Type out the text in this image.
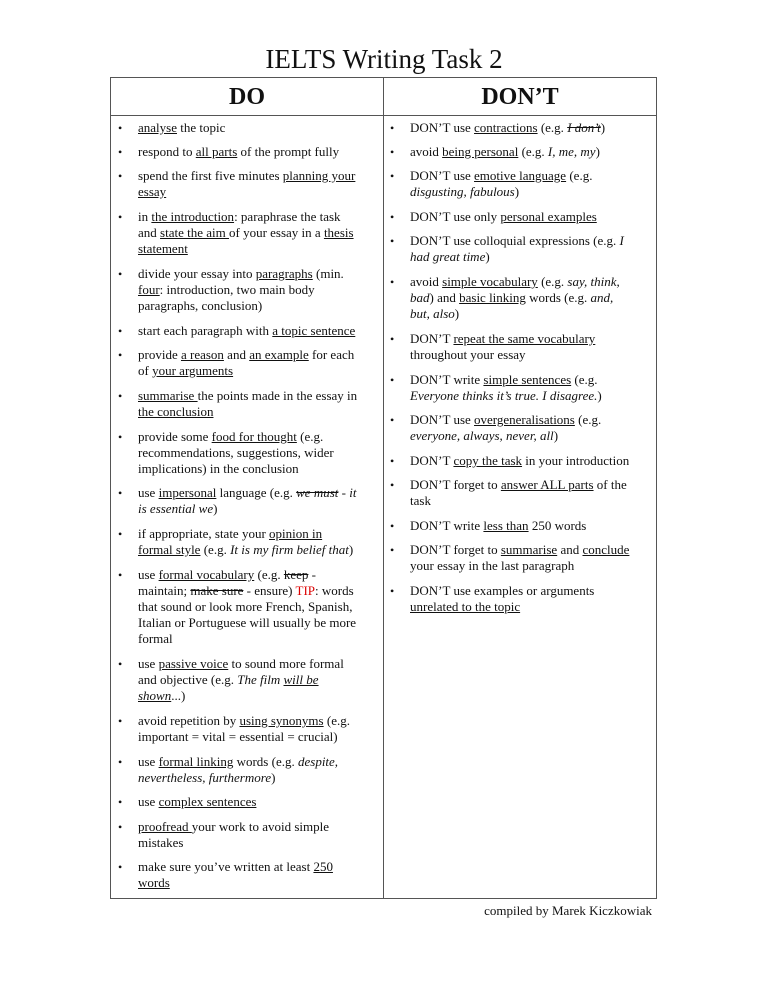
IELTS Writing Task 2
DO	DON’T
• analyse the topic
• respond to all parts of the prompt fully
• spend the first five minutes planning your
essay
• in the introduction: paraphrase the task
and state the aim of your essay in a thesis
statement
• divide your essay into paragraphs (min.
four: introduction, two main body
paragraphs, conclusion)
• start each paragraph with a topic sentence
• provide a reason and an example for each
of your arguments
• summarise the points made in the essay in
the conclusion
• provide some food for thought (e.g.
recommendations, suggestions, wider
implications) in the conclusion
• use impersonal language (e.g. we must - it
is essential we)
• if appropriate, state your opinion in
formal style (e.g. It is my firm belief that)
• use formal vocabulary (e.g. keep -
maintain; make sure - ensure) TIP: words
that sound or look more French, Spanish,
Italian or Portuguese will usually be more
formal
• use passive voice to sound more formal
and objective (e.g. The film will be
shown...)
• avoid repetition by using synonyms (e.g.
important = vital = essential = crucial)
• use formal linking words (e.g. despite,
nevertheless, furthermore)
• use complex sentences
• proofread your work to avoid simple
mistakes
• make sure you’ve written at least 250
words
• DON’T use contractions (e.g. I don’t)
• avoid being personal (e.g. I, me, my)
• DON’T use emotive language (e.g.
disgusting, fabulous)
• DON’T use only personal examples
• DON’T use colloquial expressions (e.g. I
had great time)
• avoid simple vocabulary (e.g. say, think,
bad) and basic linking words (e.g. and,
but, also)
• DON’T repeat the same vocabulary
throughout your essay
• DON’T write simple sentences (e.g.
Everyone thinks it’s true. I disagree.)
• DON’T use overgeneralisations (e.g.
everyone, always, never, all)
• DON’T copy the task in your introduction
• DON’T forget to answer ALL parts of the
task
• DON’T write less than 250 words
• DON’T forget to summarise and conclude
your essay in the last paragraph
• DON’T use examples or arguments
unrelated to the topic
compiled by Marek Kiczkowiak
